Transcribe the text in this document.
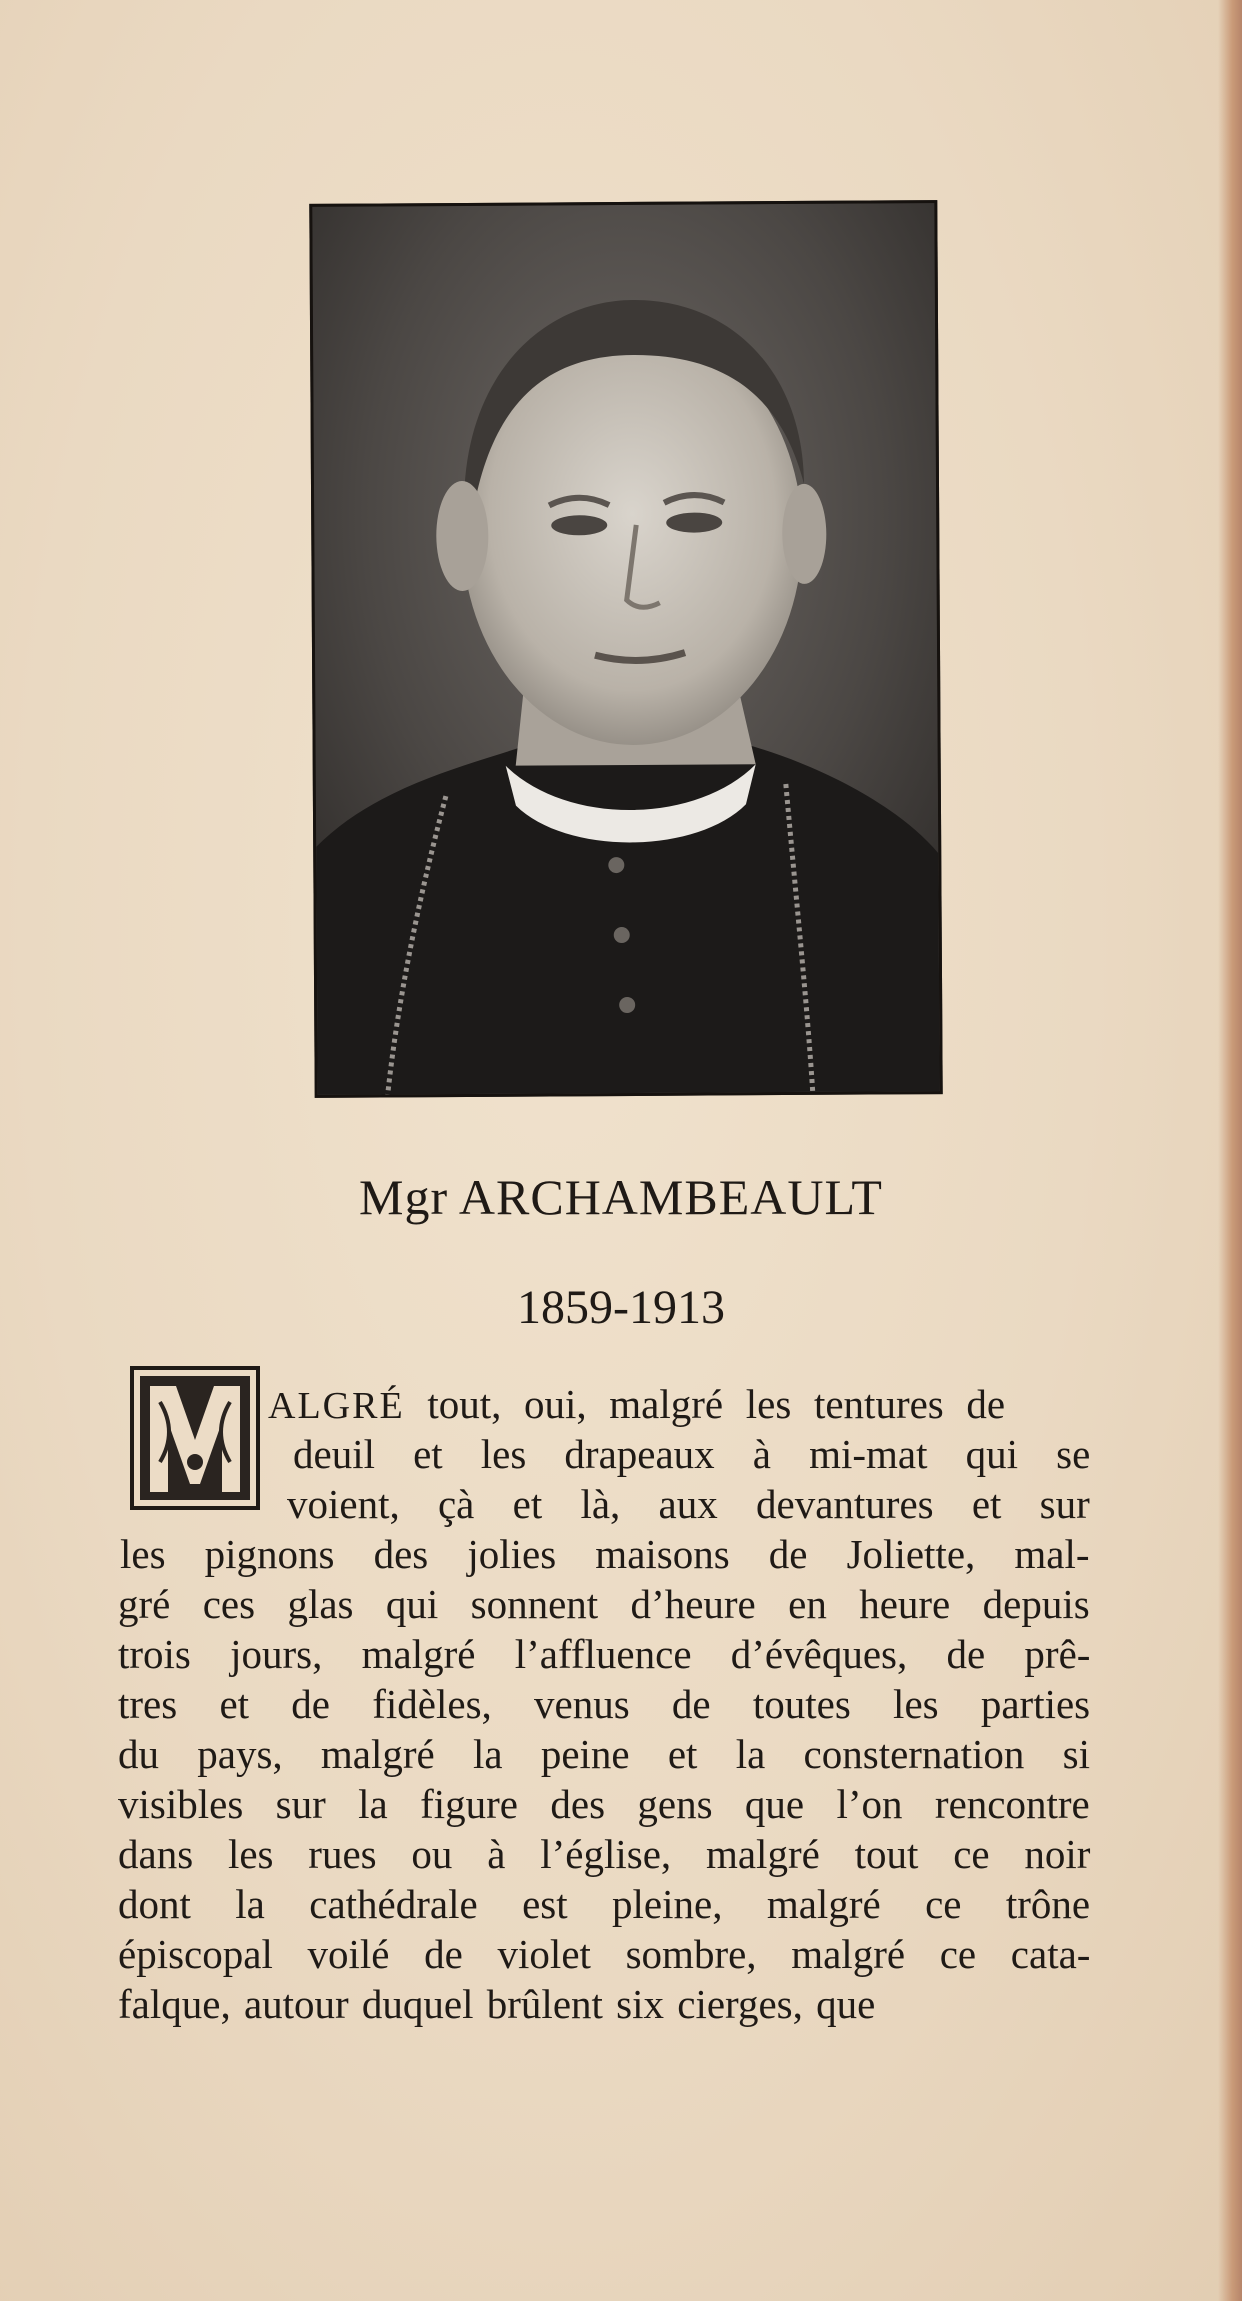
Mgr ARCHAMBEAULT
1859-1913
ALGRÉ tout, oui, malgré les tentures de
deuil et les drapeaux à mi-mat qui se
voient, çà et là, aux devantures et sur
les pignons des jolies maisons de Joliette, mal-
gré ces glas qui sonnent d’heure en heure depuis
trois jours, malgré l’affluence d’évêques, de prê-
tres et de fidèles, venus de toutes les parties
du pays, malgré la peine et la consternation si
visibles sur la figure des gens que l’on rencontre
dans les rues ou à l’église, malgré tout ce noir
dont la cathédrale est pleine, malgré ce trône
épiscopal voilé de violet sombre, malgré ce cata-
falque, autour duquel brûlent six cierges, que
